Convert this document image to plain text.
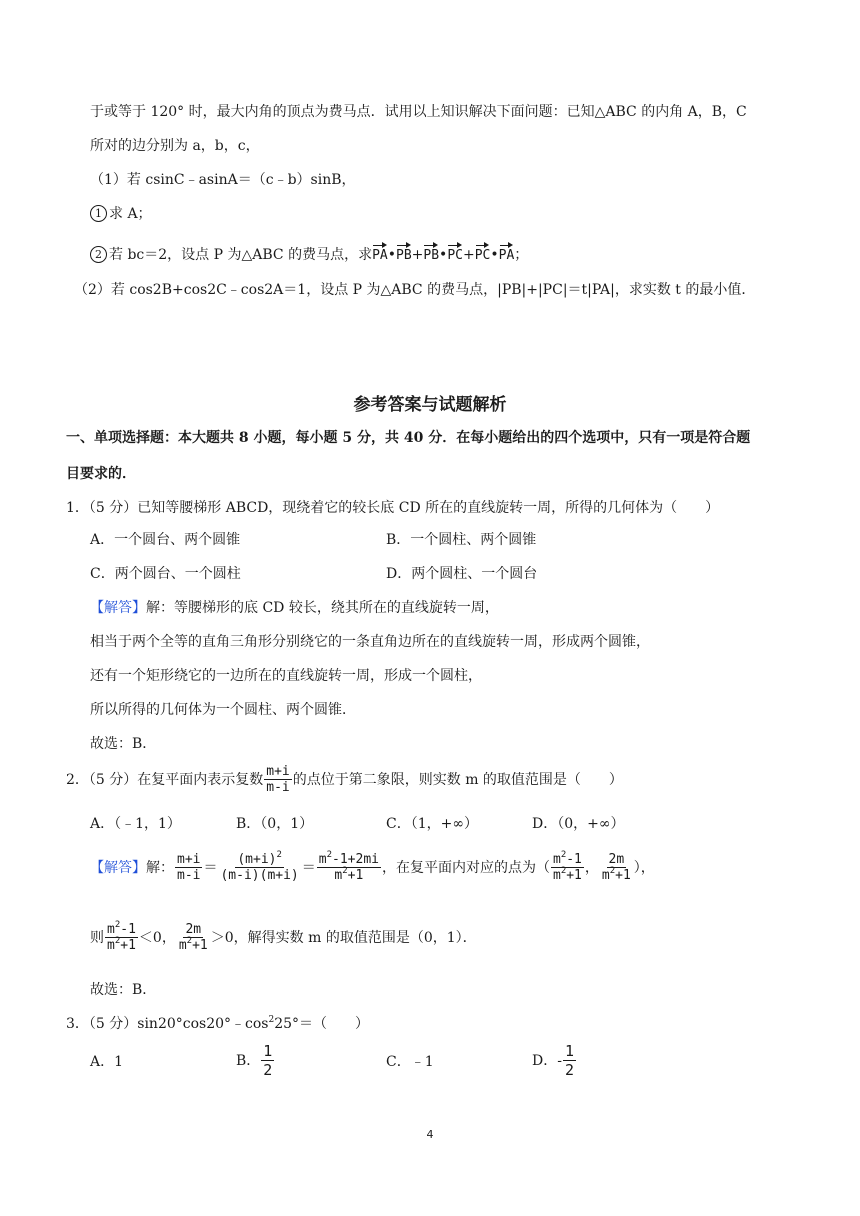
于或等于 120° 时，最大内角的顶点为费马点．试用以上知识解决下面问题：已知△ABC 的内角 A，B，C
所对的边分别为 a，b，c，
（1）若 csinC﹣asinA＝（c﹣b）sinB，
1 求 A；
2 若 bc＝2，设点 P 为△ABC 的费马点，求PA•PB+PB•PC+PC•PA；
（2）若 cos2B+cos2C﹣cos2A＝1，设点 P 为△ABC 的费马点，|PB|+|PC|＝t|PA|，求实数 t 的最小值．
参考答案与试题解析
一、单项选择题：本大题共 8 小题，每小题 5 分，共 40 分．在每小题给出的四个选项中，只有一项是符合题
目要求的．
1．（5 分）已知等腰梯形 ABCD，现绕着它的较长底 CD 所在的直线旋转一周，所得的几何体为（　　）
A．一个圆台、两个圆锥	B．一个圆柱、两个圆锥
C．两个圆台、一个圆柱	D．两个圆柱、一个圆台
【解答】解：等腰梯形的底 CD 较长，绕其所在的直线旋转一周，
相当于两个全等的直角三角形分别绕它的一条直角边所在的直线旋转一周，形成两个圆锥，
还有一个矩形绕它的一边所在的直线旋转一周，形成一个圆柱，
所以所得的几何体为一个圆柱、两个圆锥．
故选：B．
2．（5 分）在复平面内表示复数 $\frac{m+i}{m-i}$ 的点位于第二象限，则实数 m 的取值范围是（　　）
A．（﹣1，1）	B．（0，1）	C．（1，+∞）	D．（0，+∞）
【解答】 解： $\frac{m+i}{m-i} = \frac{(m+i)^2}{(m-i)(m+i)} = \frac{m^2-1+2mi}{m^2+1}$ ，在复平面内对应的点为（ $\frac{m^2-1}{m^2+1}$ ， $\frac{2m}{m^2+1}$ ），
则 $\frac{m^2-1}{m^2+1} <0$， $\frac{2m}{m^2+1} >0$，解得实数 m 的取值范围是（0，1）．
故选：B．
3．（5 分）$\sin 20^\circ\cos 20^\circ﹣\cos^225^\circ=$（　　）
A．1	B． $\frac{1}{2}$	C．﹣1	D． - $\frac{1}{2}$
4
